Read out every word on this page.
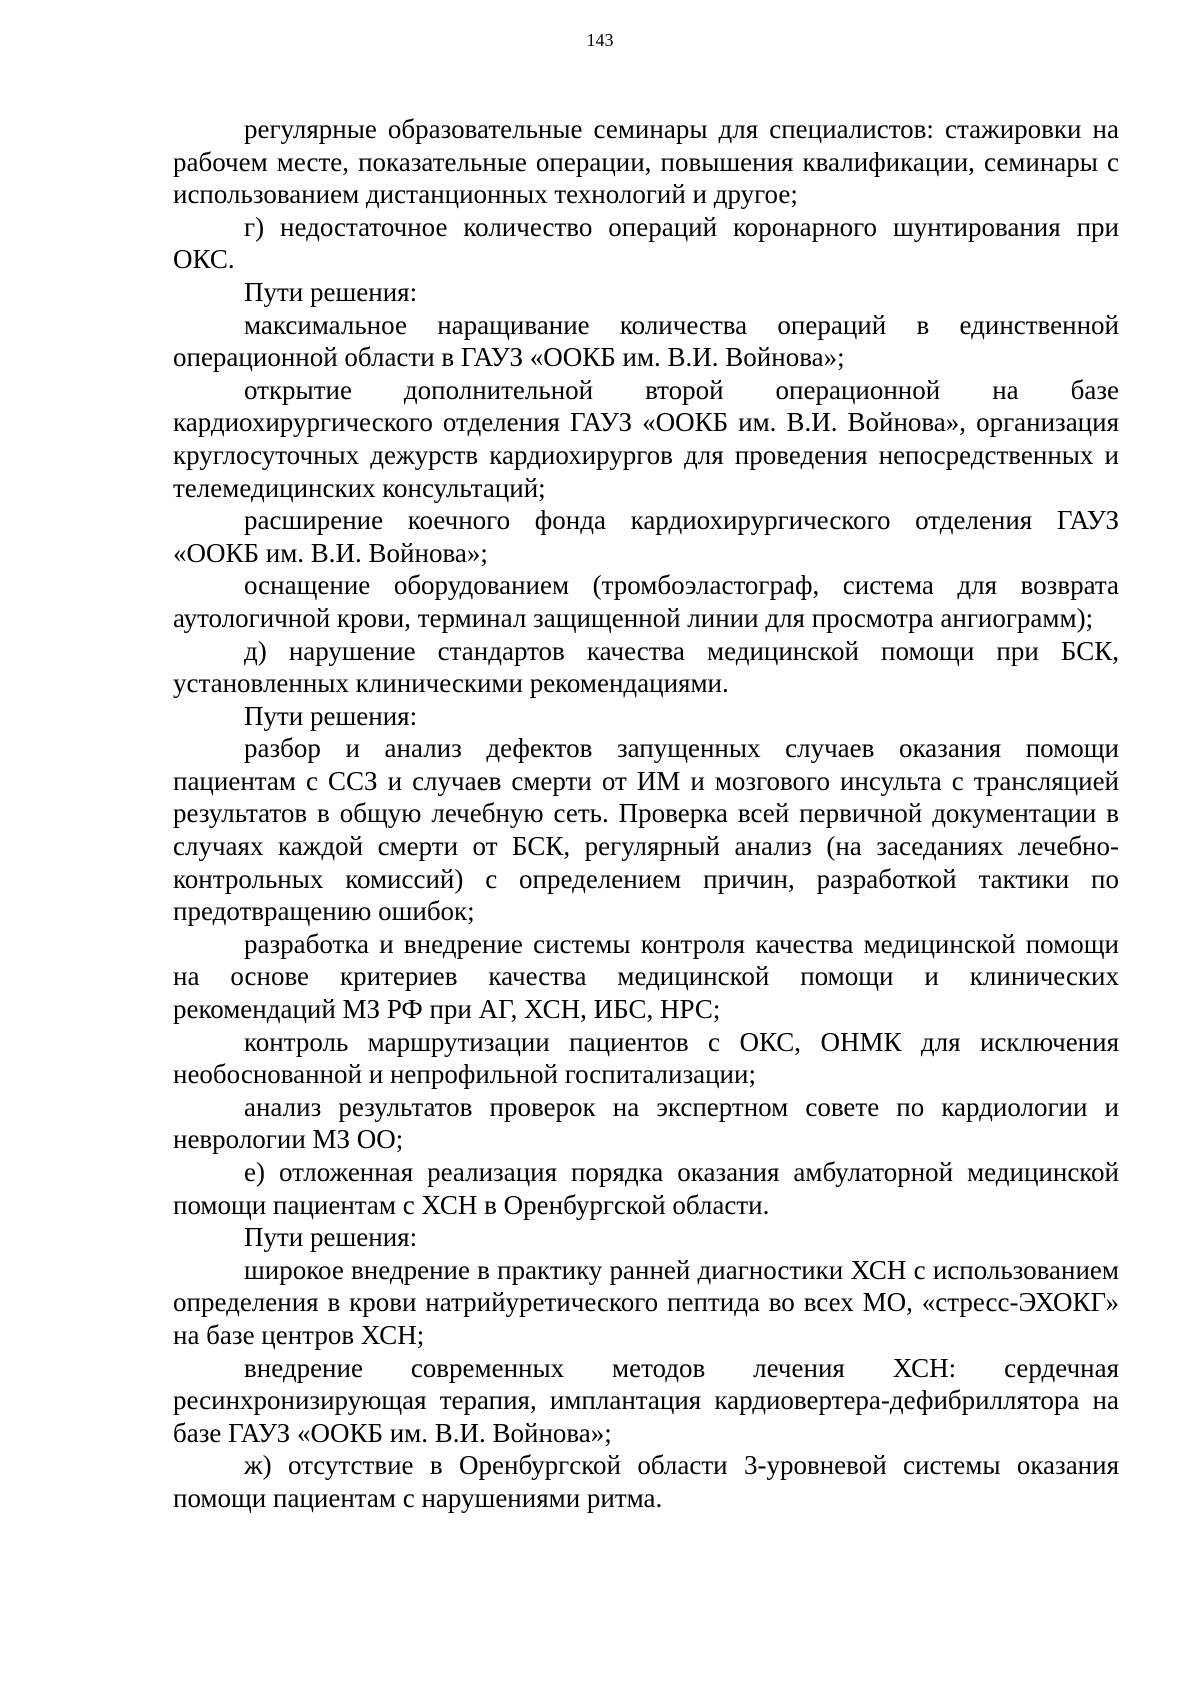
143

регулярные образовательные семинары для специалистов: стажировки на рабочем месте, показательные операции, повышения квалификации, семинары с использованием дистанционных технологий и другое;

г) недостаточное количество операций коронарного шунтирования при ОКС.

Пути решения:

максимальное наращивание количества операций в единственной операционной области в ГАУЗ «ООКБ им. В.И. Войнова»;

открытие дополнительной второй операционной на базе кардиохирургического отделения ГАУЗ «ООКБ им. В.И. Войнова», организация круглосуточных дежурств кардиохирургов для проведения непосредственных и телемедицинских консультаций;

расширение коечного фонда кардиохирургического отделения ГАУЗ «ООКБ им. В.И. Войнова»;

оснащение оборудованием (тромбоэластограф, система для возврата аутологичной крови, терминал защищенной линии для просмотра ангиограмм);

д) нарушение стандартов качества медицинской помощи при БСК, установленных клиническими рекомендациями.

Пути решения:

разбор и анализ дефектов запущенных случаев оказания помощи пациентам с ССЗ и случаев смерти от ИМ и мозгового инсульта с трансляцией результатов в общую лечебную сеть. Проверка всей первичной документации в случаях каждой смерти от БСК, регулярный анализ (на заседаниях лечебно-контрольных комиссий) с определением причин, разработкой тактики по предотвращению ошибок;

разработка и внедрение системы контроля качества медицинской помощи на основе критериев качества медицинской помощи и клинических рекомендаций МЗ РФ при АГ, ХСН, ИБС, НРС;

контроль маршрутизации пациентов с ОКС, ОНМК для исключения необоснованной и непрофильной госпитализации;

анализ результатов проверок на экспертном совете по кардиологии и неврологии МЗ ОО;

е) отложенная реализация порядка оказания амбулаторной медицинской помощи пациентам с ХСН в Оренбургской области.

Пути решения:

широкое внедрение в практику ранней диагностики ХСН с использованием определения в крови натрийуретического пептида во всех МО, «стресс-ЭХОКГ» на базе центров ХСН;

внедрение современных методов лечения ХСН: сердечная ресинхронизирующая терапия, имплантация кардиовертера-дефибриллятора на базе ГАУЗ «ООКБ им. В.И. Войнова»;

ж) отсутствие в Оренбургской области 3-уровневой системы оказания помощи пациентам с нарушениями ритма.
